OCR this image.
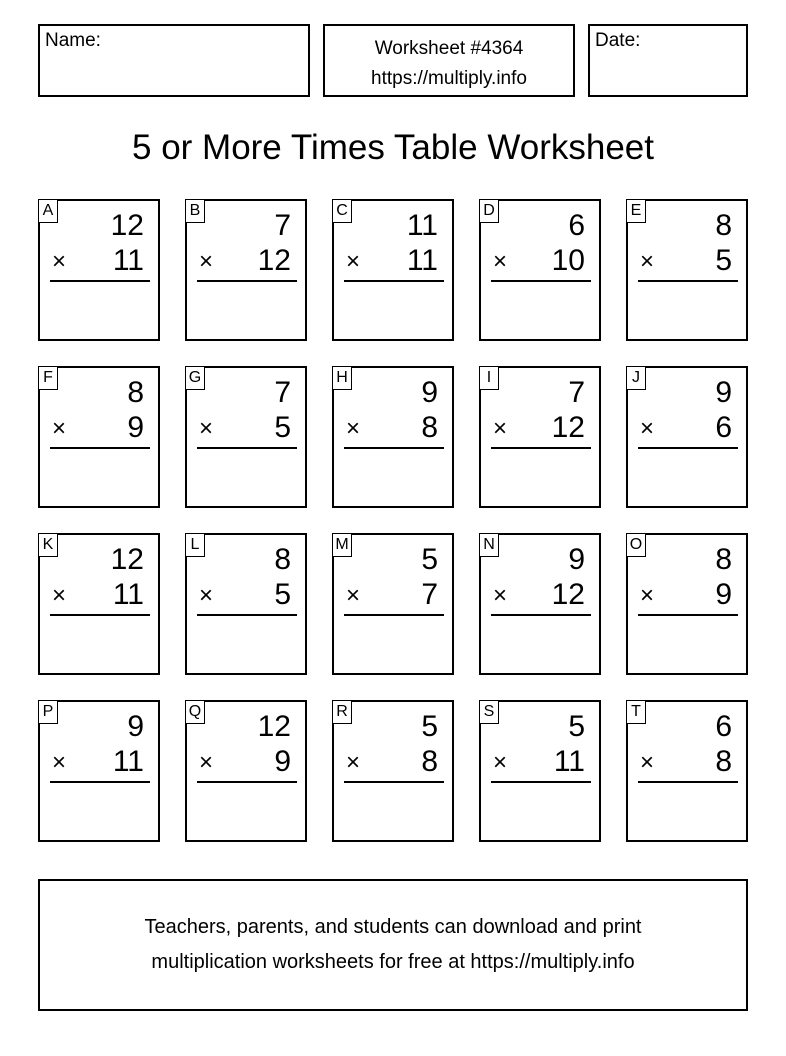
Name:	Worksheet #4364
https://multiply.info
Date:
5 or More Times Table Worksheet
A 12
× 11
B 7
× 12
C 11
× 11
D 6
× 10
E 8
× 5
F 8
× 9
G 7
× 5
H 9
× 8
I	7
× 12
J	9
× 6
K 12
× 11
L 8
× 5
M 5
× 7
N 9
× 12
O 8
× 9
P 9
× 11
Q 12
× 9
R 5
× 8
S 5
× 11
T 6
× 8
Teachers, parents, and students can download and print
multiplication worksheets for free at https://multiply.info
